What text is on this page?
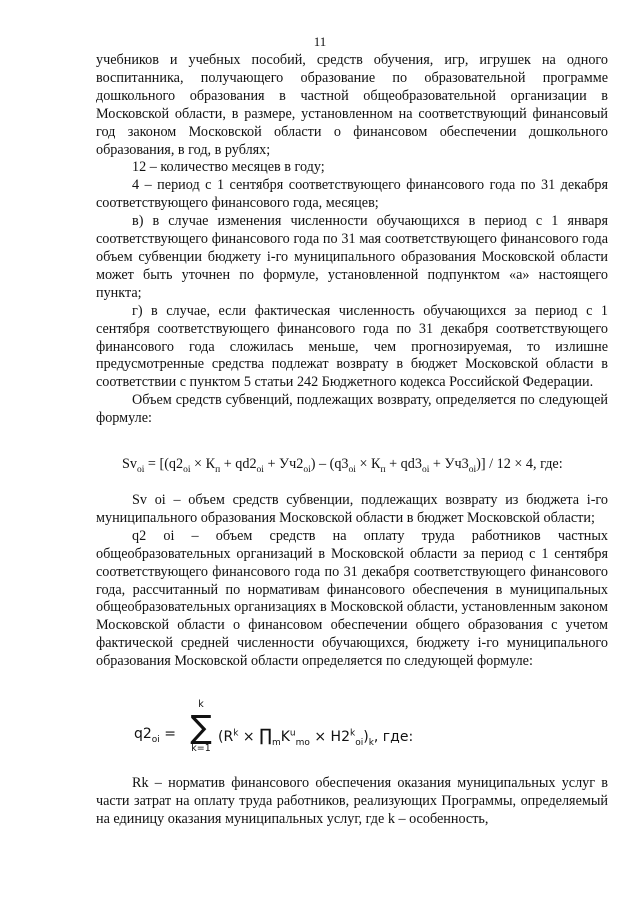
11

учебников и учебных пособий, средств обучения, игр, игрушек на одного воспитанника, получающего образование по образовательной программе дошкольного образования в частной общеобразовательной организации в Московской области, в размере, установленном на соответствующий финансовый год законом Московской области о финансовом обеспечении дошкольного образования, в год, в рублях;

12 – количество месяцев в году;

4 – период с 1 сентября соответствующего финансового года по 31 декабря соответствующего финансового года, месяцев;

в) в случае изменения численности обучающихся в период с 1 января соответствующего финансового года по 31 мая соответствующего финансового года объем субвенции бюджету i-го муниципального образования Московской области может быть уточнен по формуле, установленной подпунктом «а» настоящего пункта;

г) в случае, если фактическая численность обучающихся за период с 1 сентября соответствующего финансового года по 31 декабря соответствующего финансового года сложилась меньше, чем прогнозируемая, то излишне предусмотренные средства подлежат возврату в бюджет Московской области в соответствии с пунктом 5 статьи 242 Бюджетного кодекса Российской Федерации.

Объем средств субвенций, подлежащих возврату, определяется по следующей формуле:

$Sv_{oi} = [(q2_{oi} \times К_п + qd2_{oi} + Уч2_{oi}) - (q3_{oi} \times К_п + qd3_{oi} + Уч3_{oi})] / 12 \times 4$, где:

Sv oi – объем средств субвенции, подлежащих возврату из бюджета i-го муниципального образования Московской области в бюджет Московской области;

q2 oi – объем средств на оплату труда работников частных общеобразовательных организаций в Московской области за период с 1 сентября соответствующего финансового года по 31 декабря соответствующего финансового года, рассчитанный по нормативам финансового обеспечения в муниципальных общеобразовательных организациях в Московской области, установленным законом Московской области о финансовом обеспечении общего образования с учетом фактической средней численности обучающихся, бюджету i-го муниципального образования Московской области определяется по следующей формуле:

$q2_{oi}$ =
k
∑
k=1
($R^k$ × $\prod_mK^u_{mo} \times H2^k_{oi})_k$, где:

Rk – норматив финансового обеспечения оказания муниципальных услуг в части затрат на оплату труда работников, реализующих Программы, определяемый на единицу оказания муниципальных услуг, где k – особенность,
